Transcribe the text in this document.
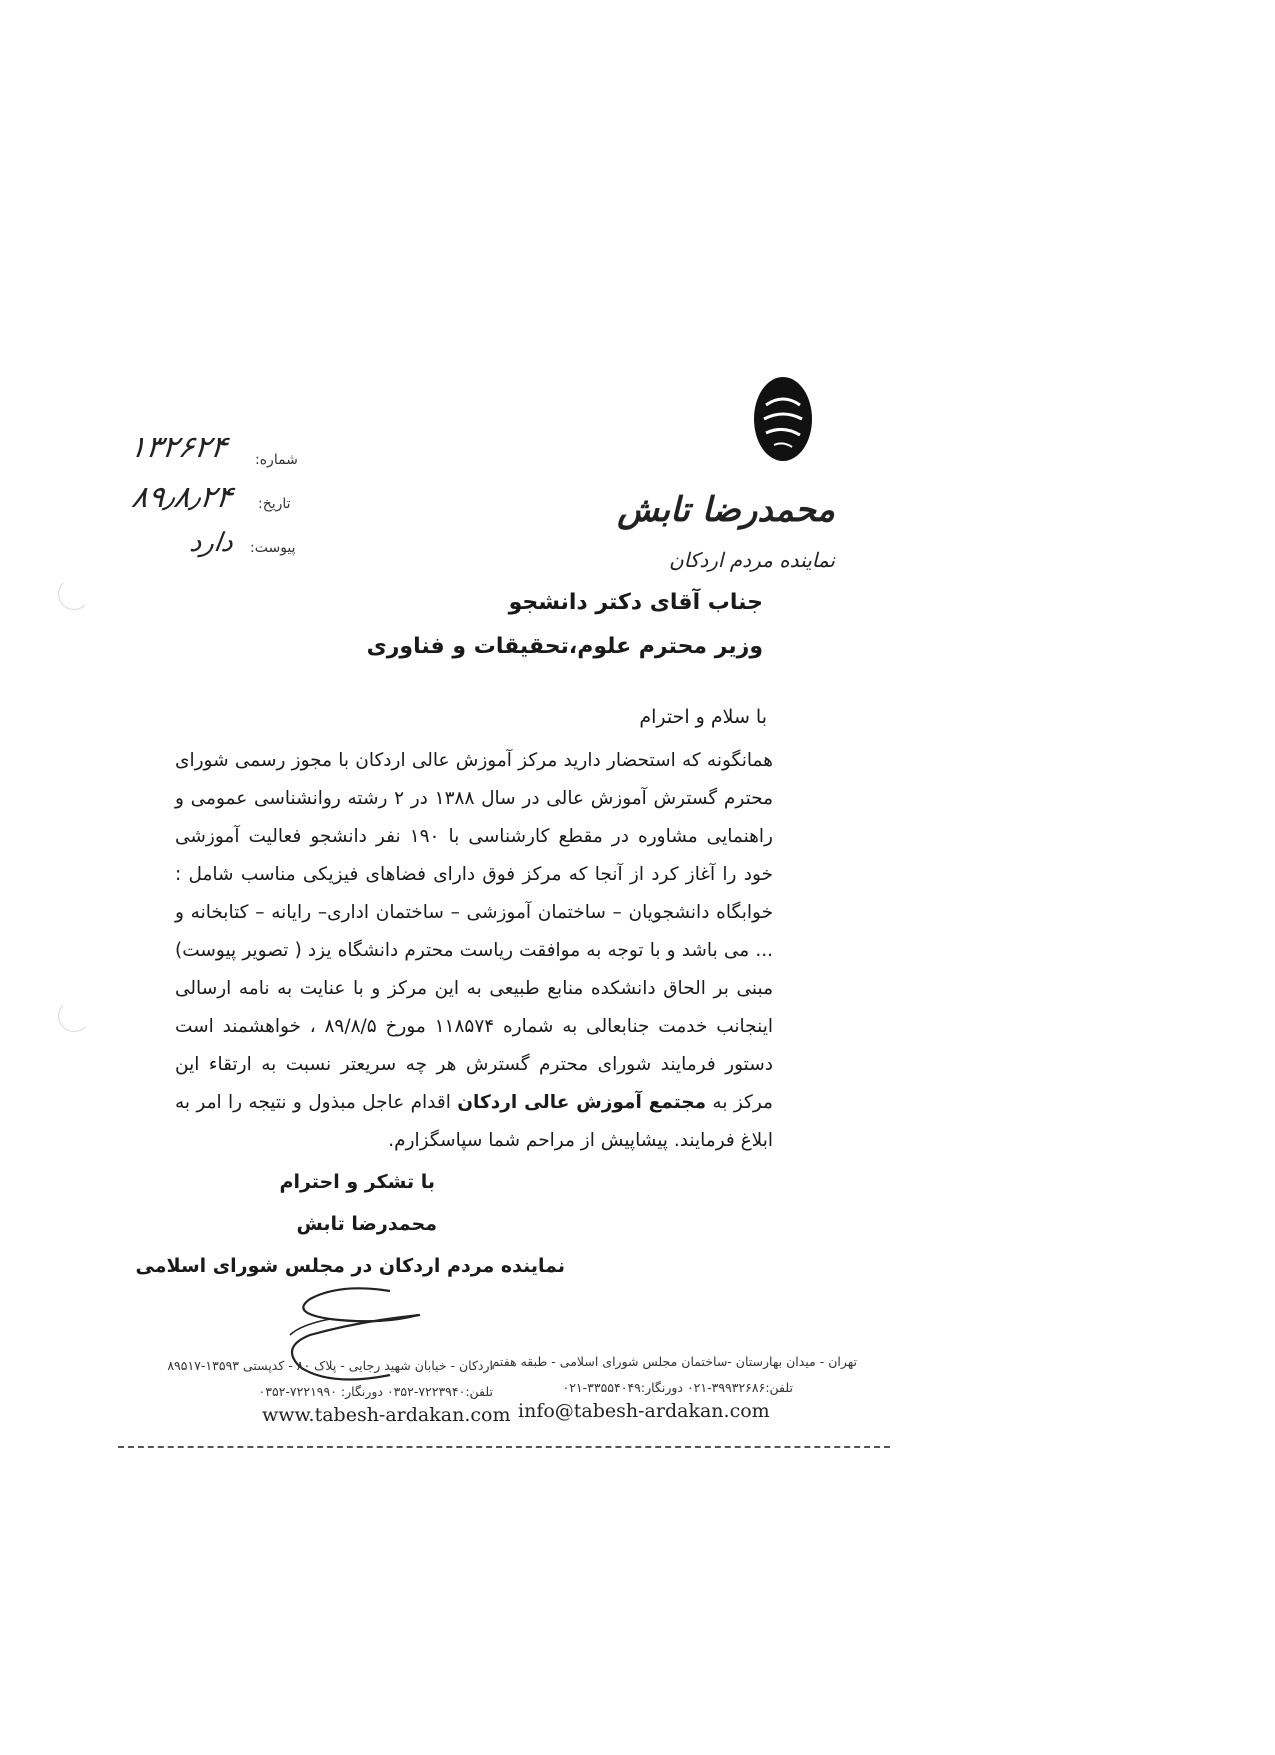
محمدرضا تابش
نماینده مردم اردکان
شماره:
۱۳۲۶۲۴
تاریخ:
۸۹٫۸٫۲۴
پیوست:
دارد
جناب آقای دکتر دانشجو
وزیر محترم علوم،تحقیقات و فناوری
با سلام و احترام

همانگونه که استحضار دارید مرکز آموزش عالی اردکان با مجوز رسمی شورای محترم گسترش آموزش عالی در سال ۱۳۸۸ در ۲ رشته روانشناسی عمومی و راهنمایی مشاوره در مقطع کارشناسی با ۱۹۰ نفر دانشجو فعالیت آموزشی خود را آغاز کرد از آنجا که مرکز فوق دارای فضاهای فیزیکی مناسب شامل : خوابگاه دانشجویان – ساختمان آموزشی – ساختمان اداری– رایانه – کتابخانه و ... می باشد و با توجه به موافقت ریاست محترم دانشگاه یزد ( تصویر پیوست) مبنی بر الحاق دانشکده منابع طبیعی به این مرکز و با عنایت به نامه ارسالی اینجانب خدمت جنابعالی به شماره ۱۱۸۵۷۴ مورخ ۸۹/۸/۵ ، خواهشمند است دستور فرمایند شورای محترم گسترش هر چه سریعتر نسبت به ارتقاء این مرکز به مجتمع آموزش عالی اردکان اقدام عاجل مبذول و نتیجه را امر به ابلاغ فرمایند. پیشاپیش از مراحم شما سپاسگزارم.

با تشکر و احترام
محمدرضا تابش
نماینده مردم اردکان در مجلس شورای اسلامی
تهران - میدان بهارستان -ساختمان مجلس شورای اسلامی - طبقه هفتم
تلفن:۳۹۹۳۲۶۸۶-۰۲۱ دورنگار:۳۳۵۵۴۰۴۹-۰۲۱
info@tabesh-ardakan.com
اردکان - خیابان شهید رجایی - پلاک ۸۰ - کدپستی ۱۳۵۹۳-۸۹۵۱۷
تلفن:۷۲۲۳۹۴۰-۰۳۵۲ دورنگار: ۷۲۲۱۹۹۰-۰۳۵۲
www.tabesh-ardakan.com
